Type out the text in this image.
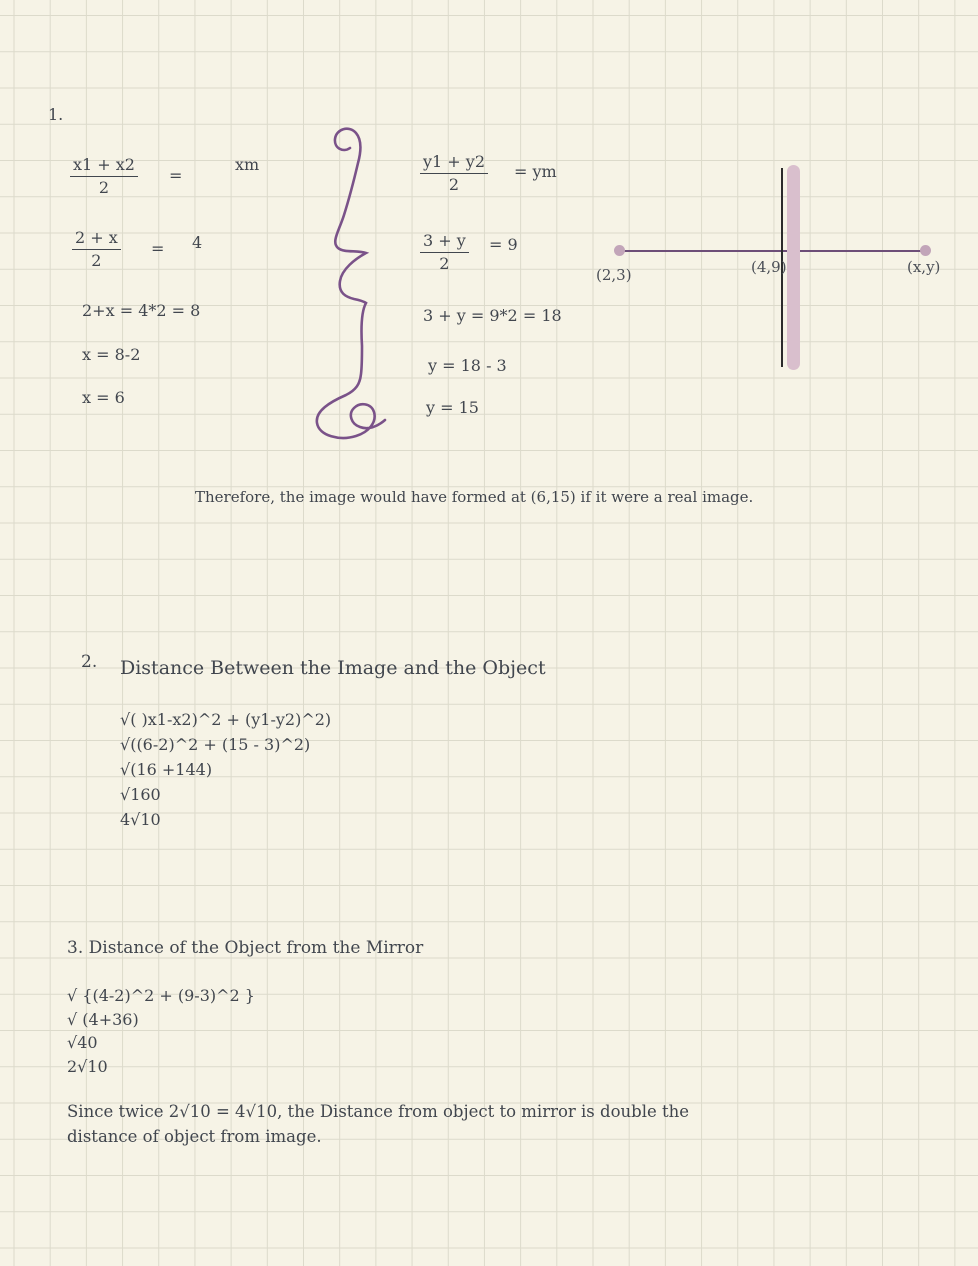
1.
$\frac{x1 + x2}{2}$ =
xm	$\frac{y1 + y2}{2}$ = ym
$\frac{2 + x}{2} = 4$	$\frac{3 + y}{2} = 9$
2+x = 4*2 = 8
x = 8-2
x = 6
3 + y = 9*2 = 18
y = 18 - 3
y = 15
(2,3)	(4,9)	(x,y)
Therefore, the image would have formed at (6,15) if it were a real image.
2. Distance Between the Image and the Object
√( )x1-x2)^2 + (y1-y2)^2)
√((6-2)^2 + (15 - 3)^2)
√(16 +144)
√160
4√10
3. Distance of the Object from the Mirror
√ {(4-2)^2 + (9-3)^2 }
√ (4+36)
√40
2√10
Since twice 2√10 = 4√10, the Distance from object to mirror is double the distance of object from image.
